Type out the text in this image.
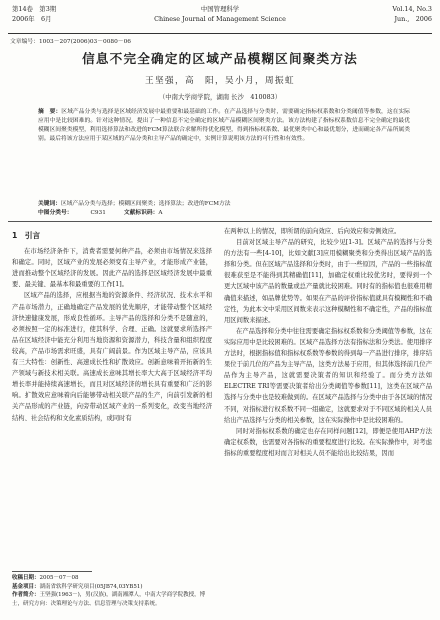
第14卷　第3期
2006年　6月
中国管理科学
Chinese Journal of Management Science
Vol.14, No.3
Jun.,　2006
文章编号：1003－207(2006)03－0080－06
信息不完全确定的区域产品模糊区间聚类方法
王坚强，高　阳，吴小月，周振虹
（中南大学商学院，湖南 长沙　410083）
摘　要：区域产品分类与选择是区域经济发展中最重要和最基础的工作。在产品选择与分类时，需要确定指标权系数和分类阈值等参数，这在实际应用中是比较困难的。针对这种情况，提出了一种信息不完全确定的区域产品模糊区间聚类方法。该方法构建了指标权系数信息不完全确定的最优模糊区间聚类模型，利用选择算法和改进的FCM算法联合求解所得优化模型，得到指标权系数、最优聚类中心和最优划分，进而确定各产品所属类别。最后将该方法应用于某区域的产品分类和主导产品的确定中，实例计算说明该方法的可行性和有效性。
关键词：区域产品分类与选择；模糊区间聚类；选择算法；改进的FCM方法
中图分类号：	C931	文献标识码：A
1　引言

在市场经济条件下，消费者需要何种产品，必须由市场情况来选择和确定。同时，区域产业的发展必须变有主导产业，才能形成产业链，进而推动整个区域经济的发展。因此产品的选择是区域经济发展中最重要、最关键、最基本和最重要的工作[1]。

区域产品的选择，应根据当地的资源条件、经济状况、技术水平和产品市场潜力，正确地确定产品发展的优先顺序，才能带动整个区域经济快速健康发展，形成良性循环。主导产品的选择和分类不是随意的，必须按照一定的标准进行，使其科学、合理、正确。这就要求所选择产品在区域经济中能充分利用当地资源和资源潜力，科技含量和组织程度较高，产品市场需求旺盛，具有广阔前景。作为区域主导产品，应该具有三大特性：创新性、高速成长性和扩散效应。创新意味着开拓新的生产领域与新技术相关联。高速成长意味其增长率大大高于区域经济平均增长率并能持续高速增长，而且对区域经济的增长具有重要和广泛的影响。扩散效应意味着向后能够带动相关联产品的生产，向前引发新的相关产品形成的产业链，向旁带动区域产业的一系列变化，改变当地经济结构、社会结构和文化素质结构，或同时有

在两种以上的情况，即所谓的前向效应、后向效应和旁侧效应。

目前对区域主导产品的研究，比较少见[1-3]。区域产品的选择与分类的方法有一些[4-10]，比如文献[3]应用模糊聚类和分类得出区域产品的选择和分类。但在区域产品选择和分类时，由于一些原因，产品的一些指标值很难获至是不能得到其精确值[11]，加确定权重比较优劣时，要得到一个更大区域中该产品的数量或总产量就比较困难。同时有的指标值也很难用精确值来描述，如品牌优势等。如果在产品的评价指标值就具有模糊性和不确定性，为此本文中采用区间数来表示这种模糊性和不确定性，产品的指标值用区间数来描述。

在产品选择和分类中往往需要确定指标权系数和分类阈值等参数，这在实际应用中是比较困难的。区域产品选择方法有指标法和分类法。使用排序方法时，根据指标值和指标权系数等参数的得到每一产品进行排序，排序结果位于前几位的产品为主导产品，这类方法易于应用，但其体选择前几位产品作为主导产品，这就需要决策者的知识和经验了。而分类方法如ELECTRE TRI等需要决策者给出分类阈值等参数[11]，这类在区域产品选择与分类中也是较难做到的。在区域产品选择与分类中由于各区域的情况不同，对指标进行权系数不同一组确定，这就要求对于不同区域的相关人员给出产品选择与分类的相关参数，这在实际操作中是比较困难的。

同时对指标权系数的确定也存在同样问题[12]，即便是使用AHP方法确定权系数，也需要对各指标的重要程度进行比较。在实际操作中，对考虑指标的重要程度相对而言对相关人员不能给出比较结果，因而

收稿日期：2005－07－08
基金项目：湖南省软科学研究项目(05JB74,03YB51)
作者简介：王坚强(1963－)，男(汉族)，湖南湘潭人，中南大学商学院教授，博士，研究方向：决策理论与方法、信息管理与决策支持系统。
